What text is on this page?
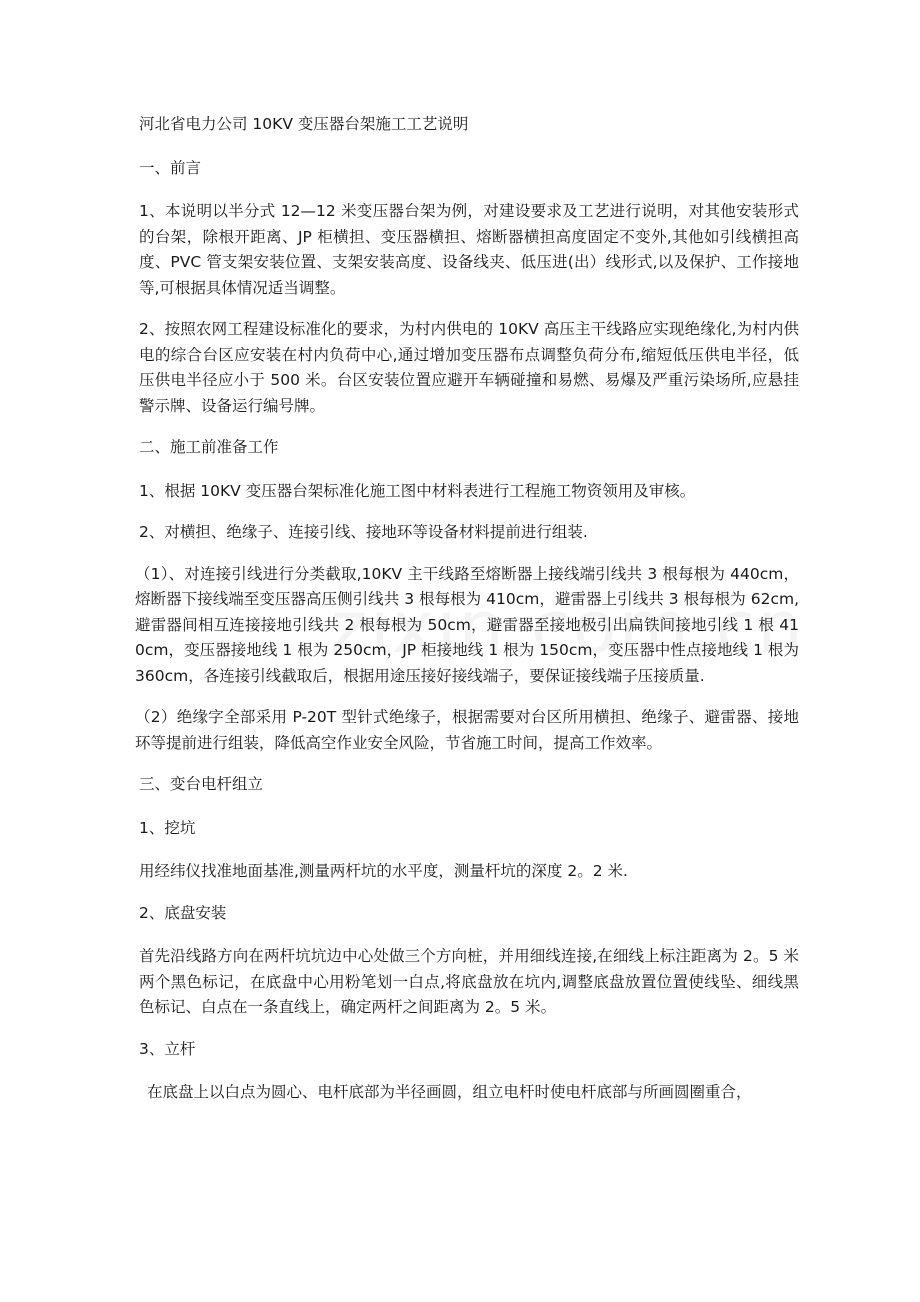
河北省电力公司 10KV 变压器台架施工工艺说明

一、前言

1、本说明以半分式 12—12 米变压器台架为例，对建设要求及工艺进行说明，对其他安装形式的台架，除根开距离、JP 柜横担、变压器横担、熔断器横担高度固定不变外,其他如引线横担高度、PVC 管支架安装位置、支架安装高度、设备线夹、低压进(出）线形式,以及保护、工作接地等,可根据具体情况适当调整。

2、按照农网工程建设标准化的要求，为村内供电的 10KV 高压主干线路应实现绝缘化,为村内供电的综合台区应安装在村内负荷中心,通过增加变压器布点调整负荷分布,缩短低压供电半径，低压供电半径应小于 500 米。台区安装位置应避开车辆碰撞和易燃、易爆及严重污染场所,应悬挂警示牌、设备运行编号牌。

二、施工前准备工作

1、根据 10KV 变压器台架标准化施工图中材料表进行工程施工物资领用及审核。

2、对横担、绝缘子、连接引线、接地环等设备材料提前进行组装.

（1）、对连接引线进行分类截取,10KV 主干线路至熔断器上接线端引线共 3 根每根为 440cm，熔断器下接线端至变压器高压侧引线共 3 根每根为 410cm，避雷器上引线共 3 根每根为 62cm,避雷器间相互连接接地引线共 2 根每根为 50cm，避雷器至接地极引出扁铁间接地引线 1 根 410cm，变压器接地线 1 根为 250cm，JP 柜接地线 1 根为 150cm，变压器中性点接地线 1 根为 360cm，各连接引线截取后，根据用途压接好接线端子，要保证接线端子压接质量.

（2）绝缘字全部采用 P-20T 型针式绝缘子，根据需要对台区所用横担、绝缘子、避雷器、接地环等提前进行组装，降低高空作业安全风险，节省施工时间，提高工作效率。

三、变台电杆组立

1、挖坑

用经纬仪找准地面基准,测量两杆坑的水平度，测量杆坑的深度 2。2 米.

2、底盘安装

首先沿线路方向在两杆坑坑边中心处做三个方向桩，并用细线连接,在细线上标注距离为 2。5 米两个黑色标记，在底盘中心用粉笔划一白点,将底盘放在坑内,调整底盘放置位置使线坠、细线黑色标记、白点在一条直线上，确定两杆之间距离为 2。5 米。

3、立杆

在底盘上以白点为圆心、电杆底部为半径画圆，组立电杆时使电杆底部与所画圆圈重合，
